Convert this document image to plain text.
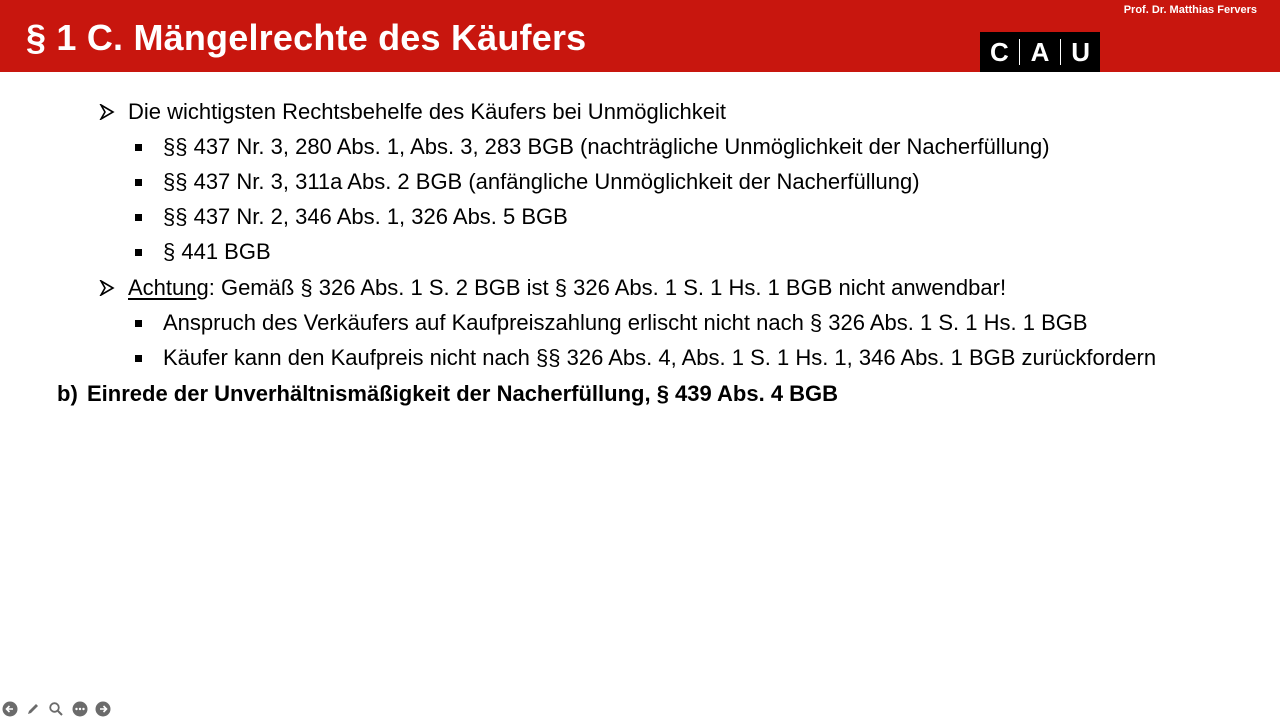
§ 1 C. Mängelrechte des Käufers
Prof. Dr. Matthias Fervers
C A U
Die wichtigsten Rechtsbehelfe des Käufers bei Unmöglichkeit
§§ 437 Nr. 3, 280 Abs. 1, Abs. 3, 283 BGB (nachträgliche Unmöglichkeit der Nacherfüllung)
§§ 437 Nr. 3, 311a Abs. 2 BGB (anfängliche Unmöglichkeit der Nacherfüllung)
§§ 437 Nr. 2, 346 Abs. 1, 326 Abs. 5 BGB
§ 441 BGB
Achtung: Gemäß § 326 Abs. 1 S. 2 BGB ist § 326 Abs. 1 S. 1 Hs. 1 BGB nicht anwendbar!
Anspruch des Verkäufers auf Kaufpreiszahlung erlischt nicht nach § 326 Abs. 1 S. 1 Hs. 1 BGB
Käufer kann den Kaufpreis nicht nach §§ 326 Abs. 4, Abs. 1 S. 1 Hs. 1, 346 Abs. 1 BGB zurückfordern
b) Einrede der Unverhältnismäßigkeit der Nacherfüllung, § 439 Abs. 4 BGB
